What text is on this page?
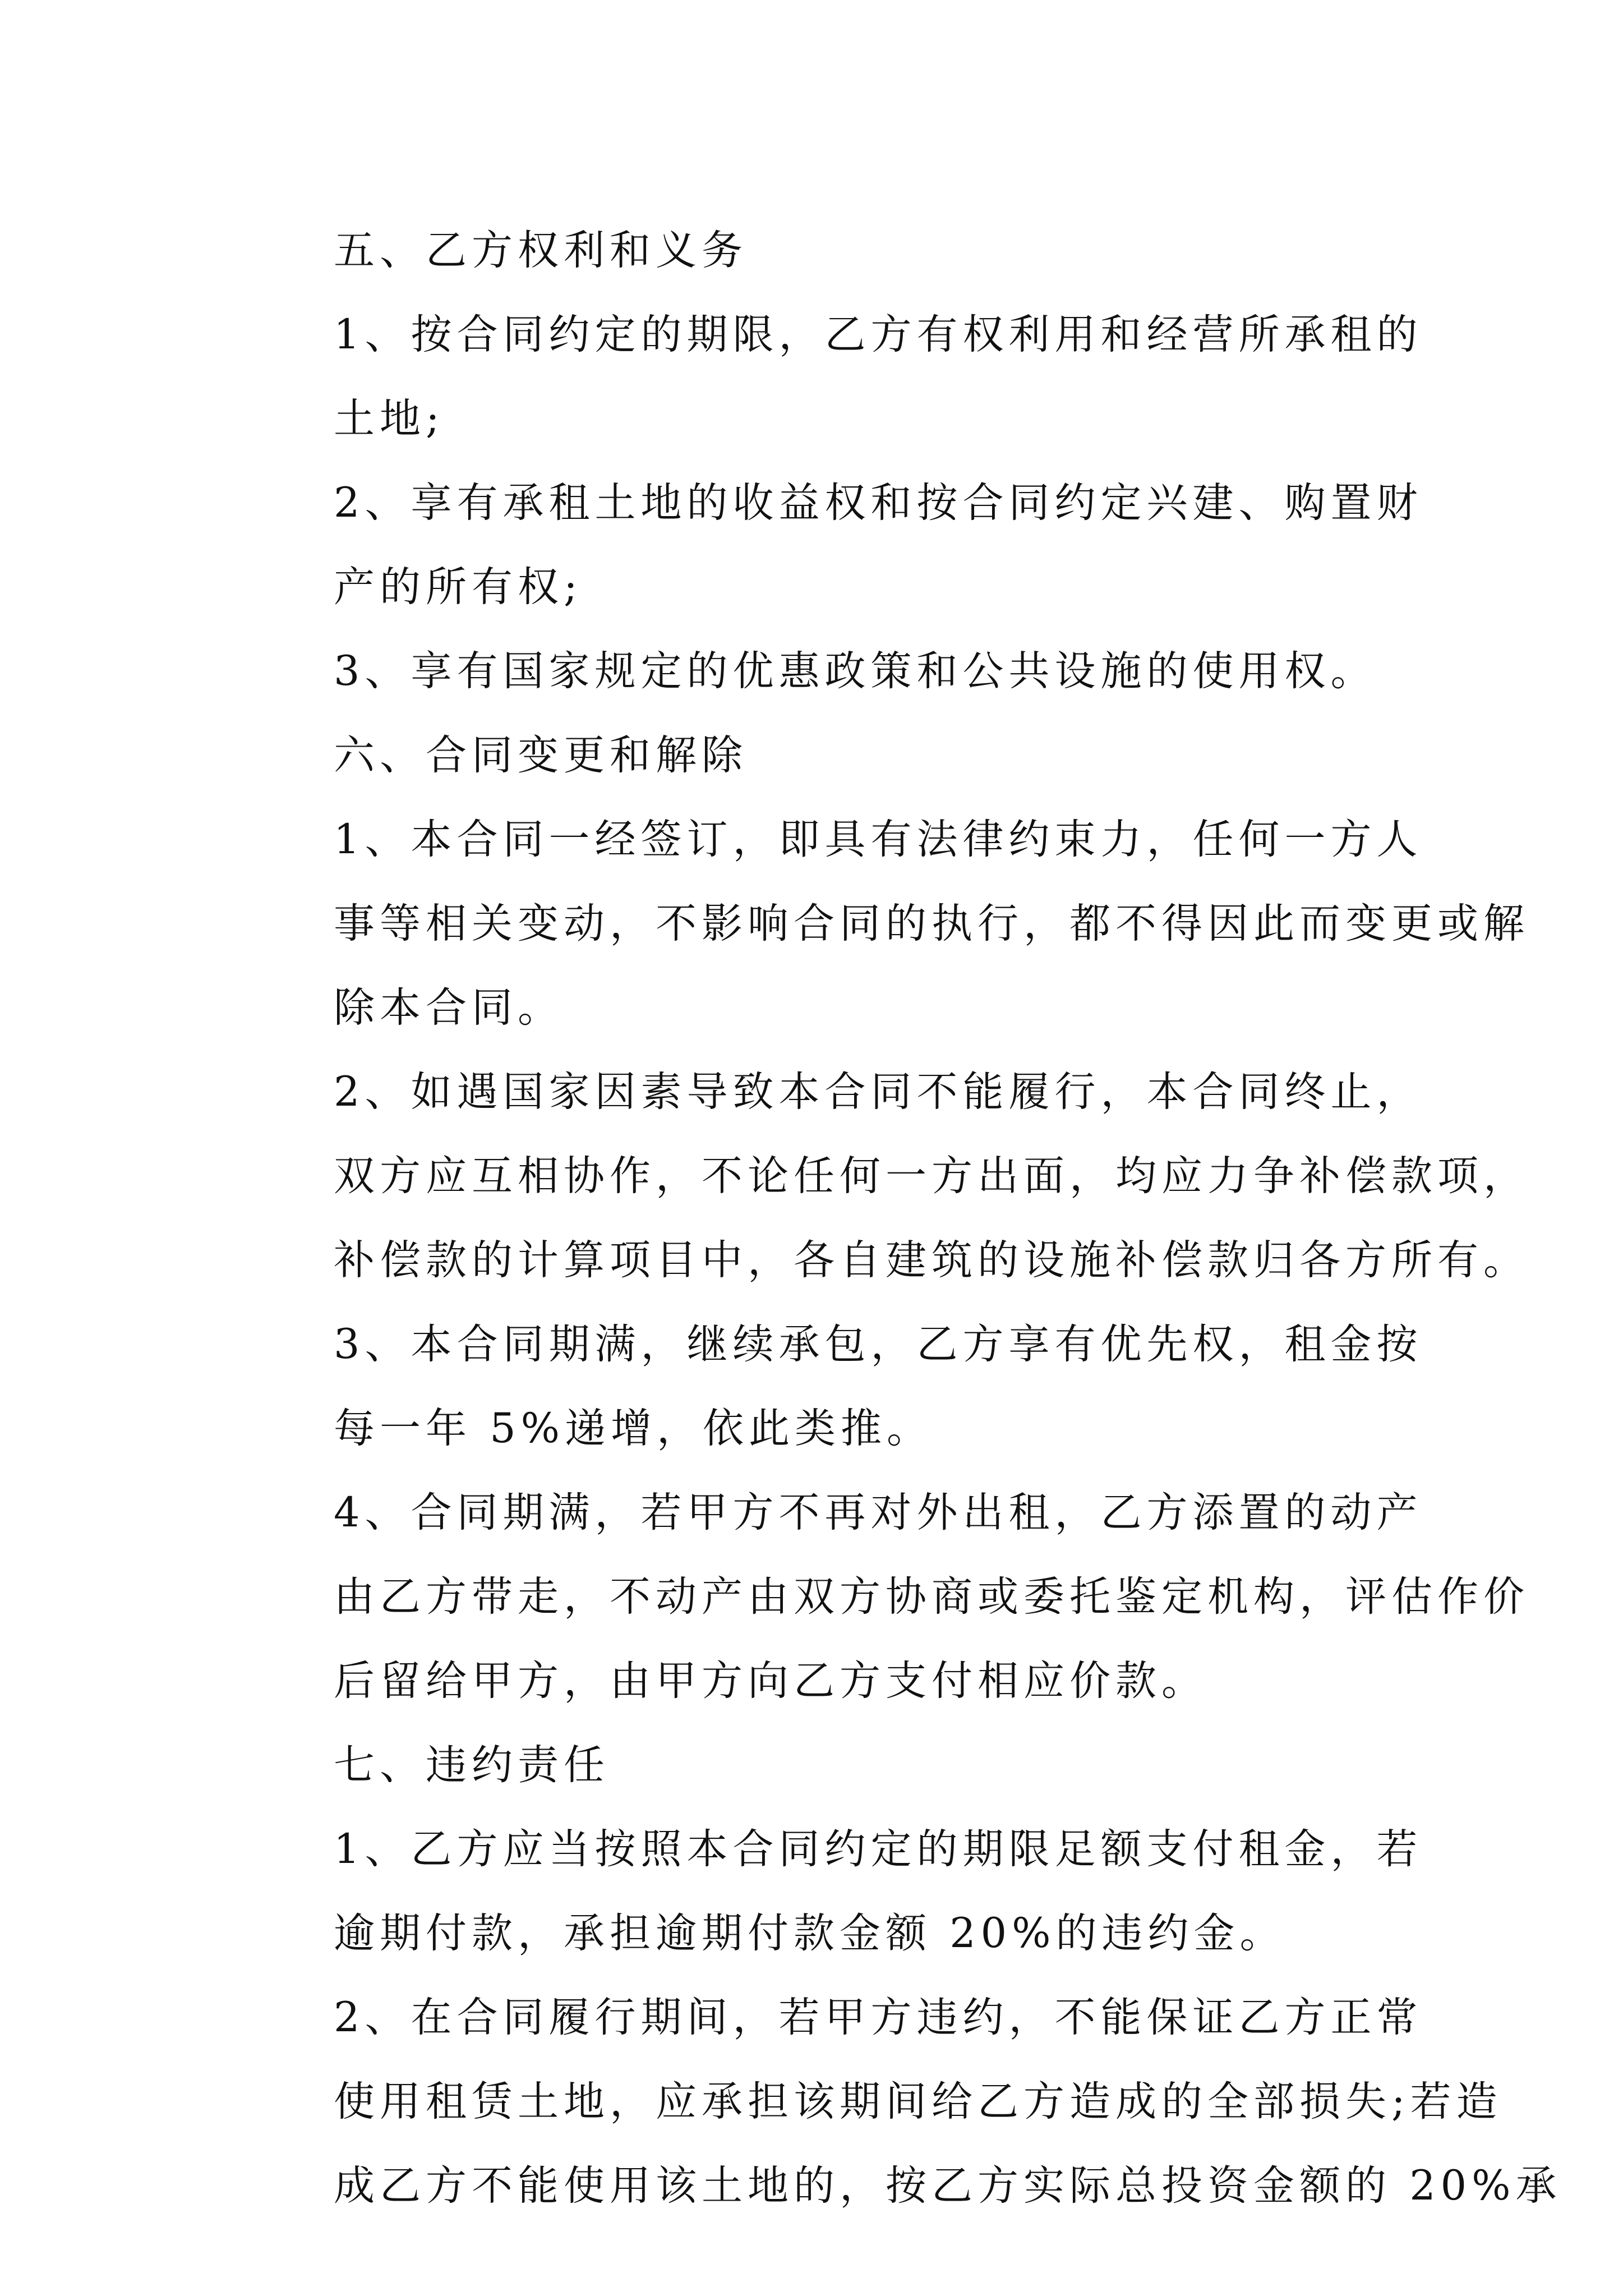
五、乙方权利和义务

1、按合同约定的期限，乙方有权利用和经营所承租的
土地;

2、享有承租土地的收益权和按合同约定兴建、购置财
产的所有权;

3、享有国家规定的优惠政策和公共设施的使用权。

六、合同变更和解除

1、本合同一经签订，即具有法律约束力，任何一方人
事等相关变动，不影响合同的执行，都不得因此而变更或解
除本合同。

2、如遇国家因素导致本合同不能履行，本合同终止，
双方应互相协作，不论任何一方出面，均应力争补偿款项，
补偿款的计算项目中，各自建筑的设施补偿款归各方所有。

3、本合同期满，继续承包，乙方享有优先权，租金按
每一年 5%递增，依此类推。

4、合同期满，若甲方不再对外出租，乙方添置的动产
由乙方带走，不动产由双方协商或委托鉴定机构，评估作价
后留给甲方，由甲方向乙方支付相应价款。

七、违约责任

1、乙方应当按照本合同约定的期限足额支付租金，若
逾期付款，承担逾期付款金额 20%的违约金。

2、在合同履行期间，若甲方违约，不能保证乙方正常
使用租赁土地，应承担该期间给乙方造成的全部损失;若造
成乙方不能使用该土地的，按乙方实际总投资金额的 20%承
